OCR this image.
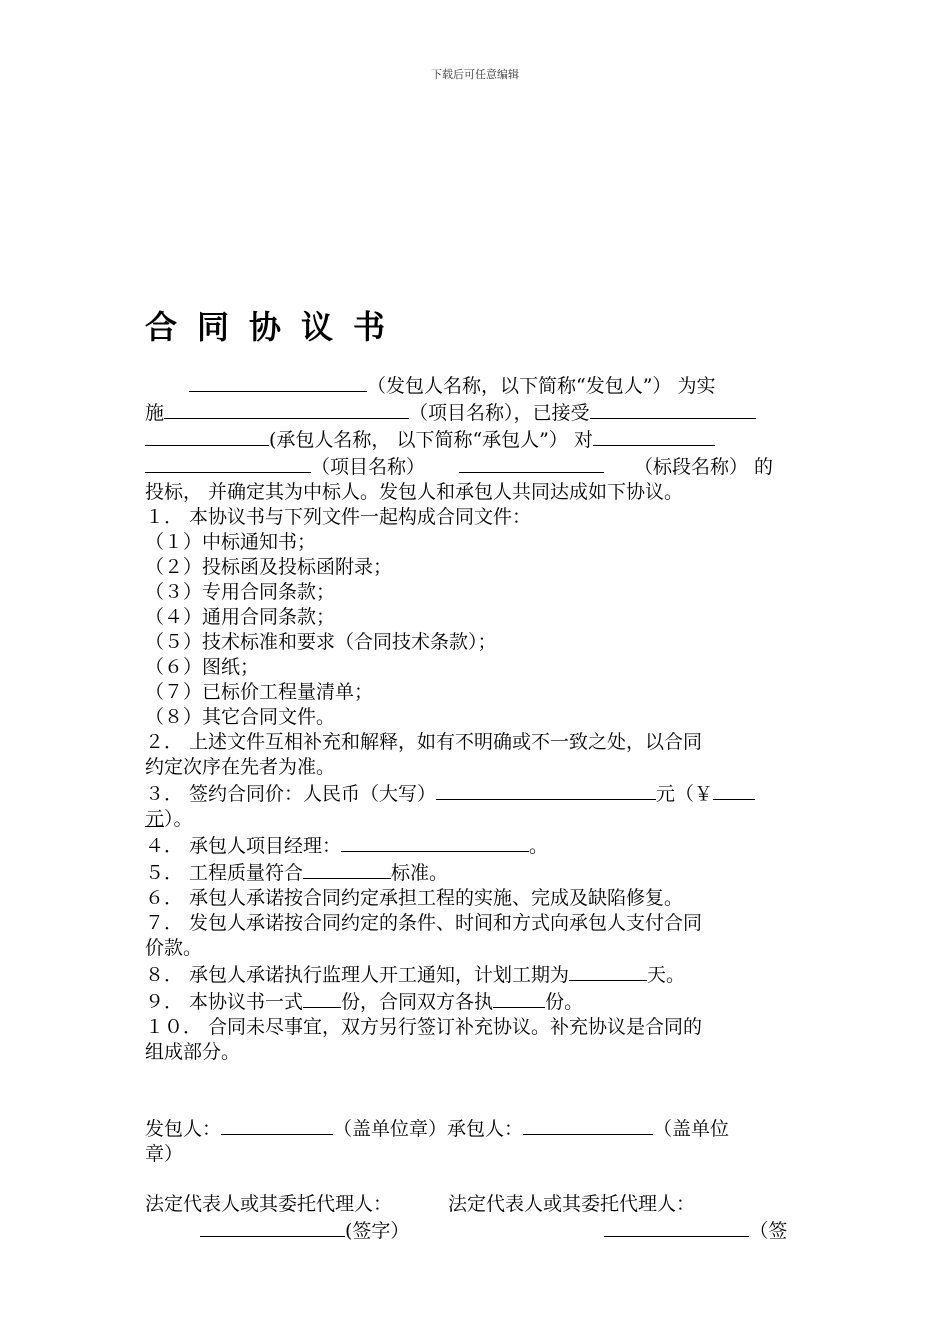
下载后可任意编辑
合同协议书

（发包人名称，以下简称“发包人”） 为实

施	（项目名称），已接受

(承包人名称， 以下简称“承包人”） 对

（项目名称）	（标段名称） 的

投标， 并确定其为中标人。发包人和承包人共同达成如下协议。

１． 本协议书与下列文件一起构成合同文件：

（１）中标通知书；

（２）投标函及投标函附录；

（３）专用合同条款；

（４）通用合同条款；

（５）技术标准和要求（合同技术条款）；

（６）图纸；

（７）已标价工程量清单；

（８）其它合同文件。

２． 上述文件互相补充和解释，如有不明确或不一致之处，以合同

约定次序在先者为准。

３． 签约合同价：人民币（大写）	元（￥

元）。

４． 承包人项目经理：	。

５． 工程质量符合	标准。

６． 承包人承诺按合同约定承担工程的实施、完成及缺陷修复。

７． 发包人承诺按合同约定的条件、时间和方式向承包人支付合同

价款。

８． 承包人承诺执行监理人开工通知，计划工期为	天。

９． 本协议书一式 份，合同双方各执	份。

１０． 合同未尽事宜，双方另行签订补充协议。补充协议是合同的

组成部分。

发包人：	（盖单位章）承包人：	（盖单位

章）

法定代表人或其委托代理人：	法定代表人或其委托代理人：

(签字）	（签
